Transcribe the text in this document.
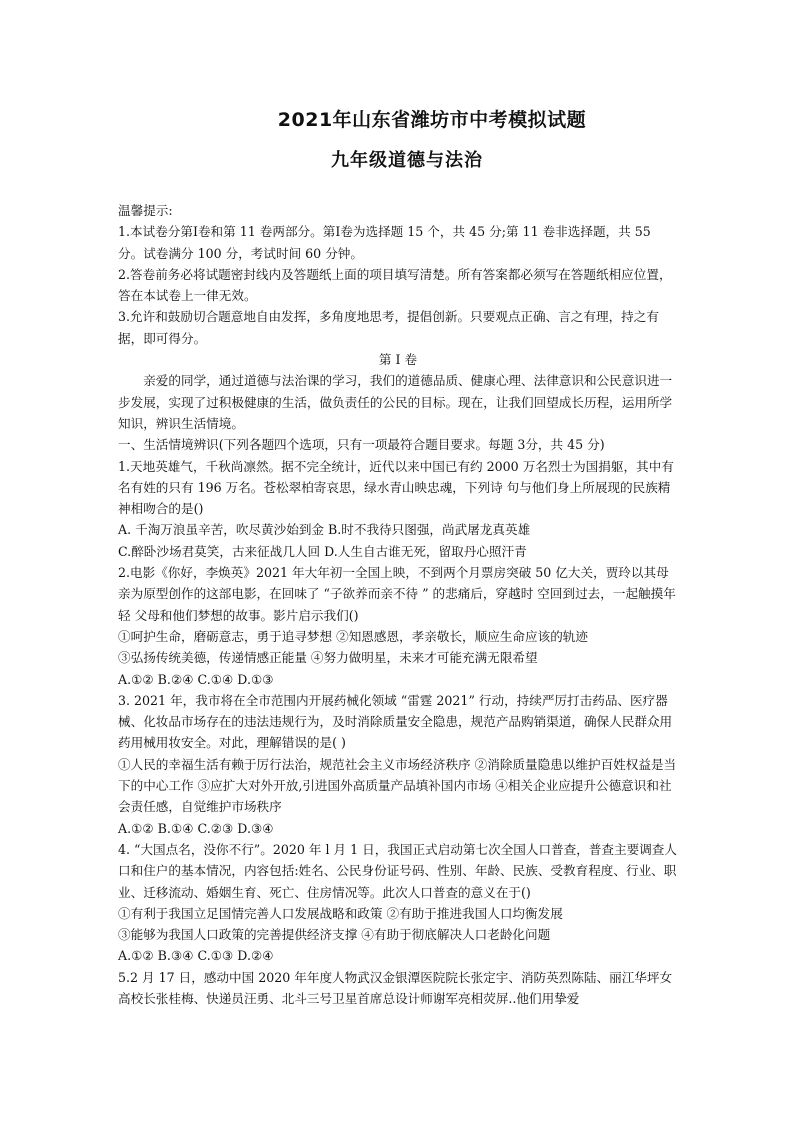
2021年山东省潍坊市中考模拟试题
九年级道德与法治

温馨提示:

1.本试卷分第Ⅰ卷和第 11 卷两部分。第Ⅰ卷为选择题 15 个，共 45 分;第 11 卷非选择题，共 55 分。试卷满分 100 分，考试时间 60 分钟。

2.答卷前务必将试题密封线内及答题纸上面的项目填写清楚。所有答案都必须写在答题纸相应位置，答在本试卷上一律无效。

3.允许和鼓励切合题意地自由发挥，多角度地思考，提倡创新。只要观点正确、言之有理，持之有据，即可得分。

第 I 卷

亲爱的同学，通过道德与法治课的学习，我们的道德品质、健康心理、法律意识和公民意识进一步发展，实现了过积极健康的生活，做负责任的公民的目标。现在，让我们回望成长历程，运用所学知识，辨识生活情境。

一、生活情境辨识(下列各题四个选项，只有一项最符合题目要求。每题 3分，共 45 分)

1.天地英雄气，千秋尚凛然。据不完全统计，近代以来中国已有约 2000 万名烈士为国捐躯，其中有名有姓的只有 196 万名。苍松翠柏寄哀思，绿水青山映忠魂，下列诗 句与他们身上所展现的民族精神相吻合的是()

A. 千淘万浪虽辛苦，吹尽黄沙始到金 B.时不我待只图强，尚武屠龙真英雄

C.醉卧沙场君莫笑，古来征战几人回 D.人生自古谁无死，留取丹心照汗青

2.电影《你好，李焕英》2021 年大年初一全国上映，不到两个月票房突破 50 亿大关，贾玲以其母亲为原型创作的这部电影，在回味了 “子欲养而亲不待 ” 的悲痛后，穿越时 空回到过去，一起触摸年轻 父母和他们梦想的故事。影片启示我们()

①呵护生命，磨砺意志，勇于追寻梦想 ②知恩感恩，孝亲敬长，顺应生命应该的轨迹

③弘扬传统美德，传递情感正能量 ④努力做明星，未来才可能充满无限希望

A.①② B.②④ C.①④ D.①③

3. 2021 年，我市将在全市范围内开展药械化领域 “雷霆 2021” 行动，持续严厉打击药品、医疗器械、化妆品市场存在的违法违规行为，及时消除质量安全隐患，规范产品购销渠道，确保人民群众用药用械用妆安全。对此，理解错误的是( )

①人民的幸福生活有赖于厉行法治，规范社会主义市场经济秩序 ②消除质量隐患以维护百姓权益是当下的中心工作 ③应扩大对外开放,引进国外高质量产品填补国内市场 ④相关企业应提升公德意识和社会责任感，自觉维护市场秩序

A.①② B.①④ C.②③ D.③④

4. “大国点名，没你不行”。2020 年 l 月 1 日，我国正式启动第七次全国人口普查，普查主要调查人口和住户的基本情况，内容包括:姓名、公民身份证号码、性别、年龄、民族、受教育程度、行业、职业、迁移流动、婚姻生育、死亡、住房情况等。此次人口普查的意义在于()

①有利于我国立足国情完善人口发展战略和政策 ②有助于推进我国人口均衡发展

③能够为我国人口政策的完善提供经济支撑 ④有助于彻底解决人口老龄化问题

A.①② B.③④ C.①③ D.②④

5.2 月 17 日，感动中国 2020 年年度人物武汉金银潭医院院长张定宇、消防英烈陈陆、丽江华坪女高校长张桂梅、快递员汪勇、北斗三号卫星首席总设计师谢军亮相荧屏..他们用挚爱
